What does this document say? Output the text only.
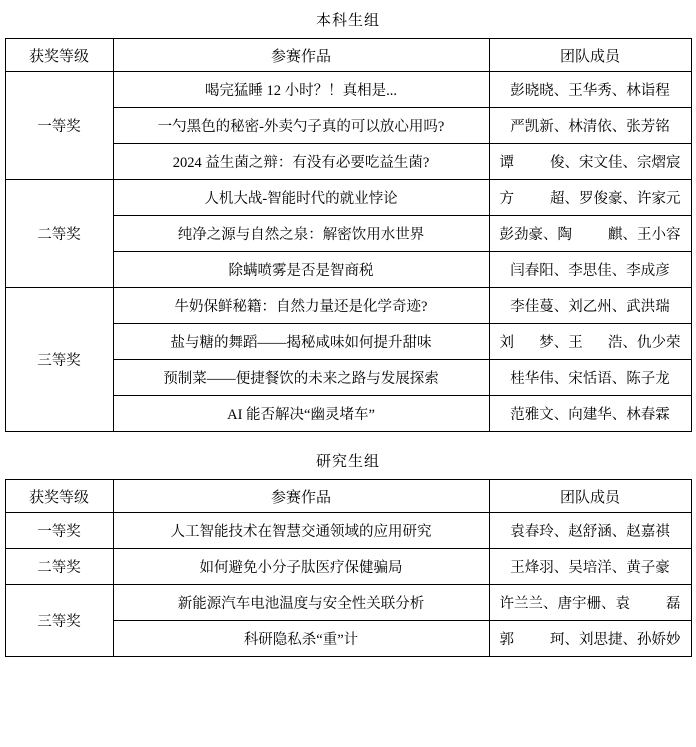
本科生组
获奖等级	参赛作品	团队成员
一等奖	喝完猛睡 12 小时？！真相是...	彭晓晓、王华秀、林诣程
	一勺黑色的秘密-外卖勺子真的可以放心用吗?	严凯新、林清依、张芳铭
	2024 益生菌之辩：有没有必要吃益生菌?	谭 俊、宋文佳、宗熠宸

二等奖	人机大战-智能时代的就业悖论	方 超、罗俊豪、许家元

	纯净之源与自然之泉：解密饮用水世界	彭劲豪、陶 麒、王小容

	除螨喷雾是否是智商税	闫春阳、李思佳、李成彦
三等奖	牛奶保鲜秘籍：自然力量还是化学奇迹?	李佳蔓、刘乙州、武洪瑞
	盐与糖的舞蹈——揭秘咸味如何提升甜味	刘 梦、王 浩、仇少荣

	预制菜——便捷餐饮的未来之路与发展探索	桂华伟、宋恬语、陈子龙
	AI 能否解决“幽灵堵车”	范雅文、向建华、林春霖
研究生组
获奖等级	参赛作品	团队成员
一等奖	人工智能技术在智慧交通领域的应用研究	袁春玲、赵舒涵、赵嘉祺
二等奖	如何避免小分子肽医疗保健骗局	王烽羽、吴培洋、黄子豪
三等奖	新能源汽车电池温度与安全性关联分析	许兰兰、唐宇栅、袁 磊

	科研隐私杀“重”计	郭 珂、刘思捷、孙娇妙
